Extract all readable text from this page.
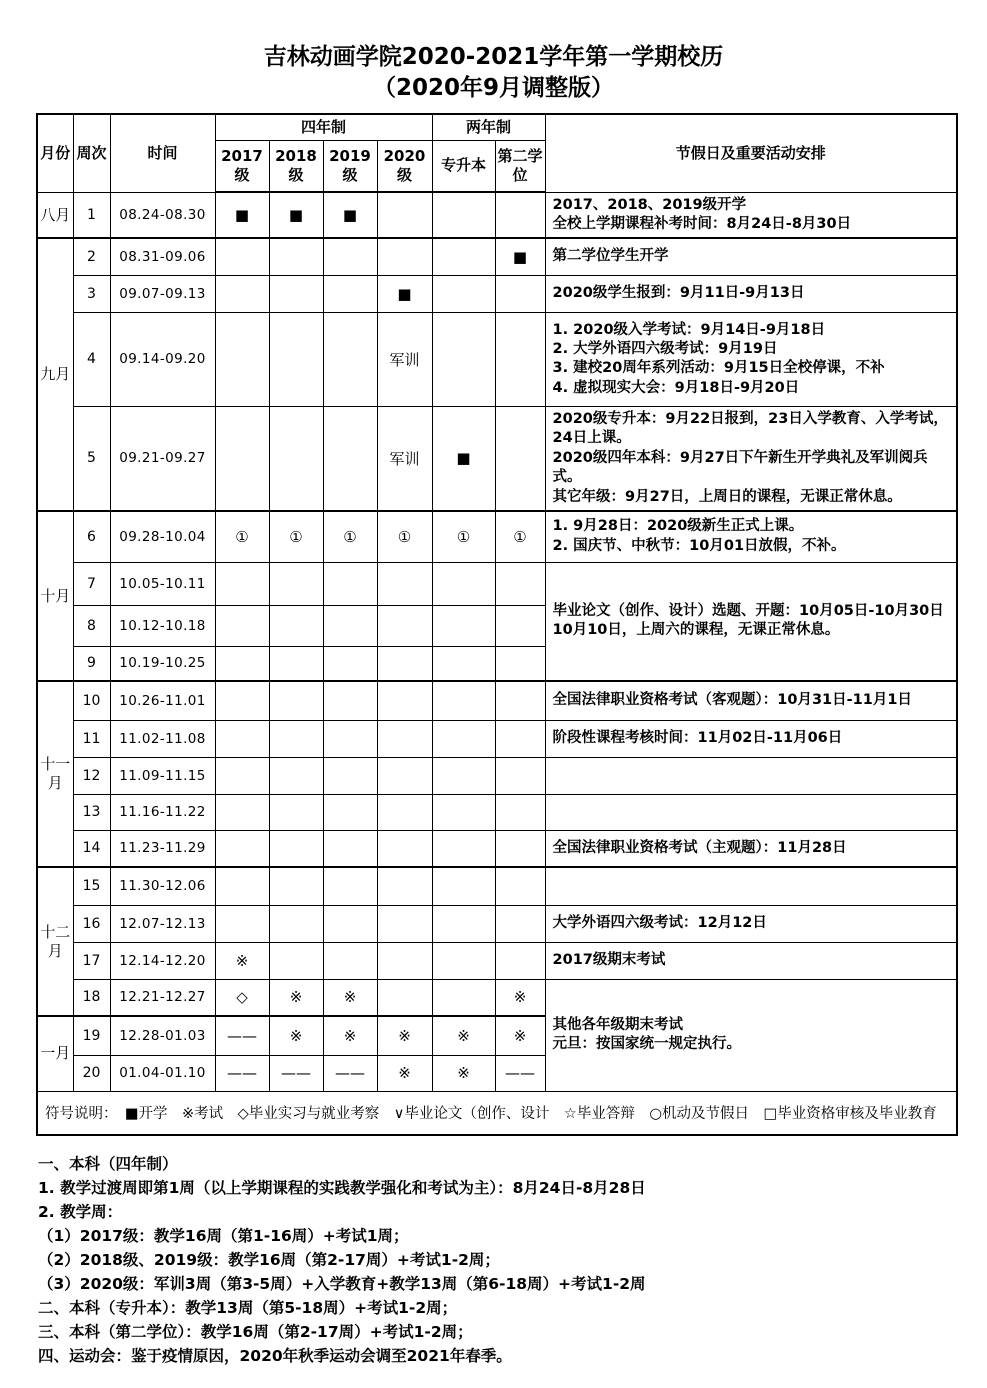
吉林动画学院2020-2021学年第一学期校历
（2020年9月调整版）
月份	周次	时间	四年制				两年制		节假日及重要活动安排
			2017级	2018级	2019级	2020级	专升本	第二学位	
八月	1	08.24-08.30	■	■	■				2017、2018、2019级开学
全校上学期课程补考时间：8月24日-8月30日

九月	2	08.31-09.06						■	第二学位学生开学

	3	09.07-09.13				■			2020级学生报到：9月11日-9月13日

	4	09.14-09.20				军训			1. 2020级入学考试：9月14日-9月18日
2. 大学外语四六级考试：9月19日
3. 建校20周年系列活动：9月15日全校停课，不补
4. 虚拟现实大会：9月18日-9月20日

	5	09.21-09.27				军训	■		2020级专升本：9月22日报到，23日入学教育、入学考试，24日上课。
2020级四年本科：9月27日下午新生开学典礼及军训阅兵式。
其它年级：9月27日，上周日的课程，无课正常休息。

十月	6	09.28-10.04	①	①	①	①	①	①	1. 9月28日：2020级新生正式上课。
2. 国庆节、中秋节：10月01日放假，不补。

	7	10.05-10.11							毕业论文（创作、设计）选题、开题：10月05日-10月30日
10月10日，上周六的课程，无课正常休息。

	8	10.12-10.18							
	9	10.19-10.25							
十一月	10	10.26-11.01							全国法律职业资格考试（客观题）：10月31日-11月1日

	11	11.02-11.08							阶段性课程考核时间：11月02日-11月06日

	12	11.09-11.15							
	13	11.16-11.22							
	14	11.23-11.29							全国法律职业资格考试（主观题）：11月28日

十二月	15	11.30-12.06							
	16	12.07-12.13							大学外语四六级考试：12月12日

	17	12.14-12.20	※						2017级期末考试

	18	12.21-12.27	◇	※	※			※	其他各年级期末考试
元旦：按国家统一规定执行。

一月	19	12.28-01.03	——	※	※	※	※	※	
	20	01.04-01.10	——	——	——	※	※	——	
符号说明：　■开学　※考试　◇毕业实习与就业考察　∨毕业论文（创作、设计　☆毕业答辩　○机动及节假日　□毕业资格审核及毕业教育									
一、本科（四年制）
1. 教学过渡周即第1周（以上学期课程的实践教学强化和考试为主）：8月24日-8月28日
2. 教学周：
（1）2017级：教学16周（第1-16周）+考试1周；
（2）2018级、2019级：教学16周（第2-17周）+考试1-2周；
（3）2020级：军训3周（第3-5周）+入学教育+教学13周（第6-18周）+考试1-2周
二、本科（专升本）：教学13周（第5-18周）+考试1-2周；
三、本科（第二学位）：教学16周（第2-17周）+考试1-2周；
四、运动会：鉴于疫情原因，2020年秋季运动会调至2021年春季。
